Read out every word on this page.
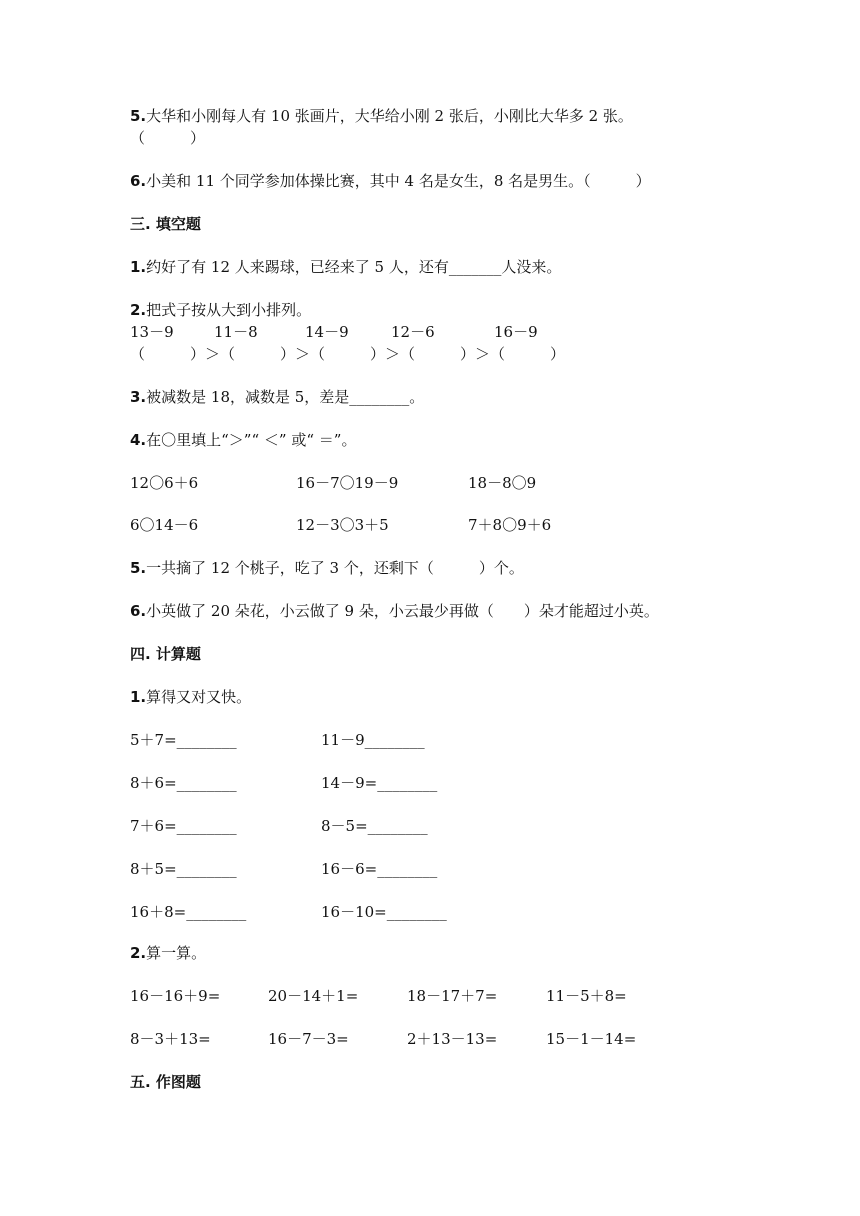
5.大华和小刚每人有 10 张画片，大华给小刚 2 张后，小刚比大华多 2 张。
（　　　）
6.小美和 11 个同学参加体操比赛，其中 4 名是女生，8 名是男生。（　　　）
三. 填空题
1.约好了有 12 人来踢球，已经来了 5 人，还有_______人没来。
2.把式子按从大到小排列。
13－9	11－8	14－9	12－6	16－9
（　　　）＞（　　　）＞（　　　）＞（　　　）＞（　　　）
3.被减数是 18，减数是 5，差是________。
4.在〇里填上“＞”“ ＜” 或“ ＝”。
12〇6＋6	16－7〇19－9	18－8〇9
6〇14－6	12－3〇3＋5	7＋8〇9＋6
5.一共摘了 12 个桃子，吃了 3 个，还剩下（　　　）个。
6.小英做了 20 朵花，小云做了 9 朵，小云最少再做（　　）朵才能超过小英。
四. 计算题
1.算得又对又快。
5＋7=________	11－9________
8＋6=________	14－9=________
7＋6=________	8－5=________
8＋5=________	16－6=________
16＋8=________	16－10=________
2.算一算。
16－16＋9=	20－14＋1=	18－17＋7=	11－5＋8=
8－3＋13=	16－7－3=	2＋13－13=	15－1－14=
五. 作图题
